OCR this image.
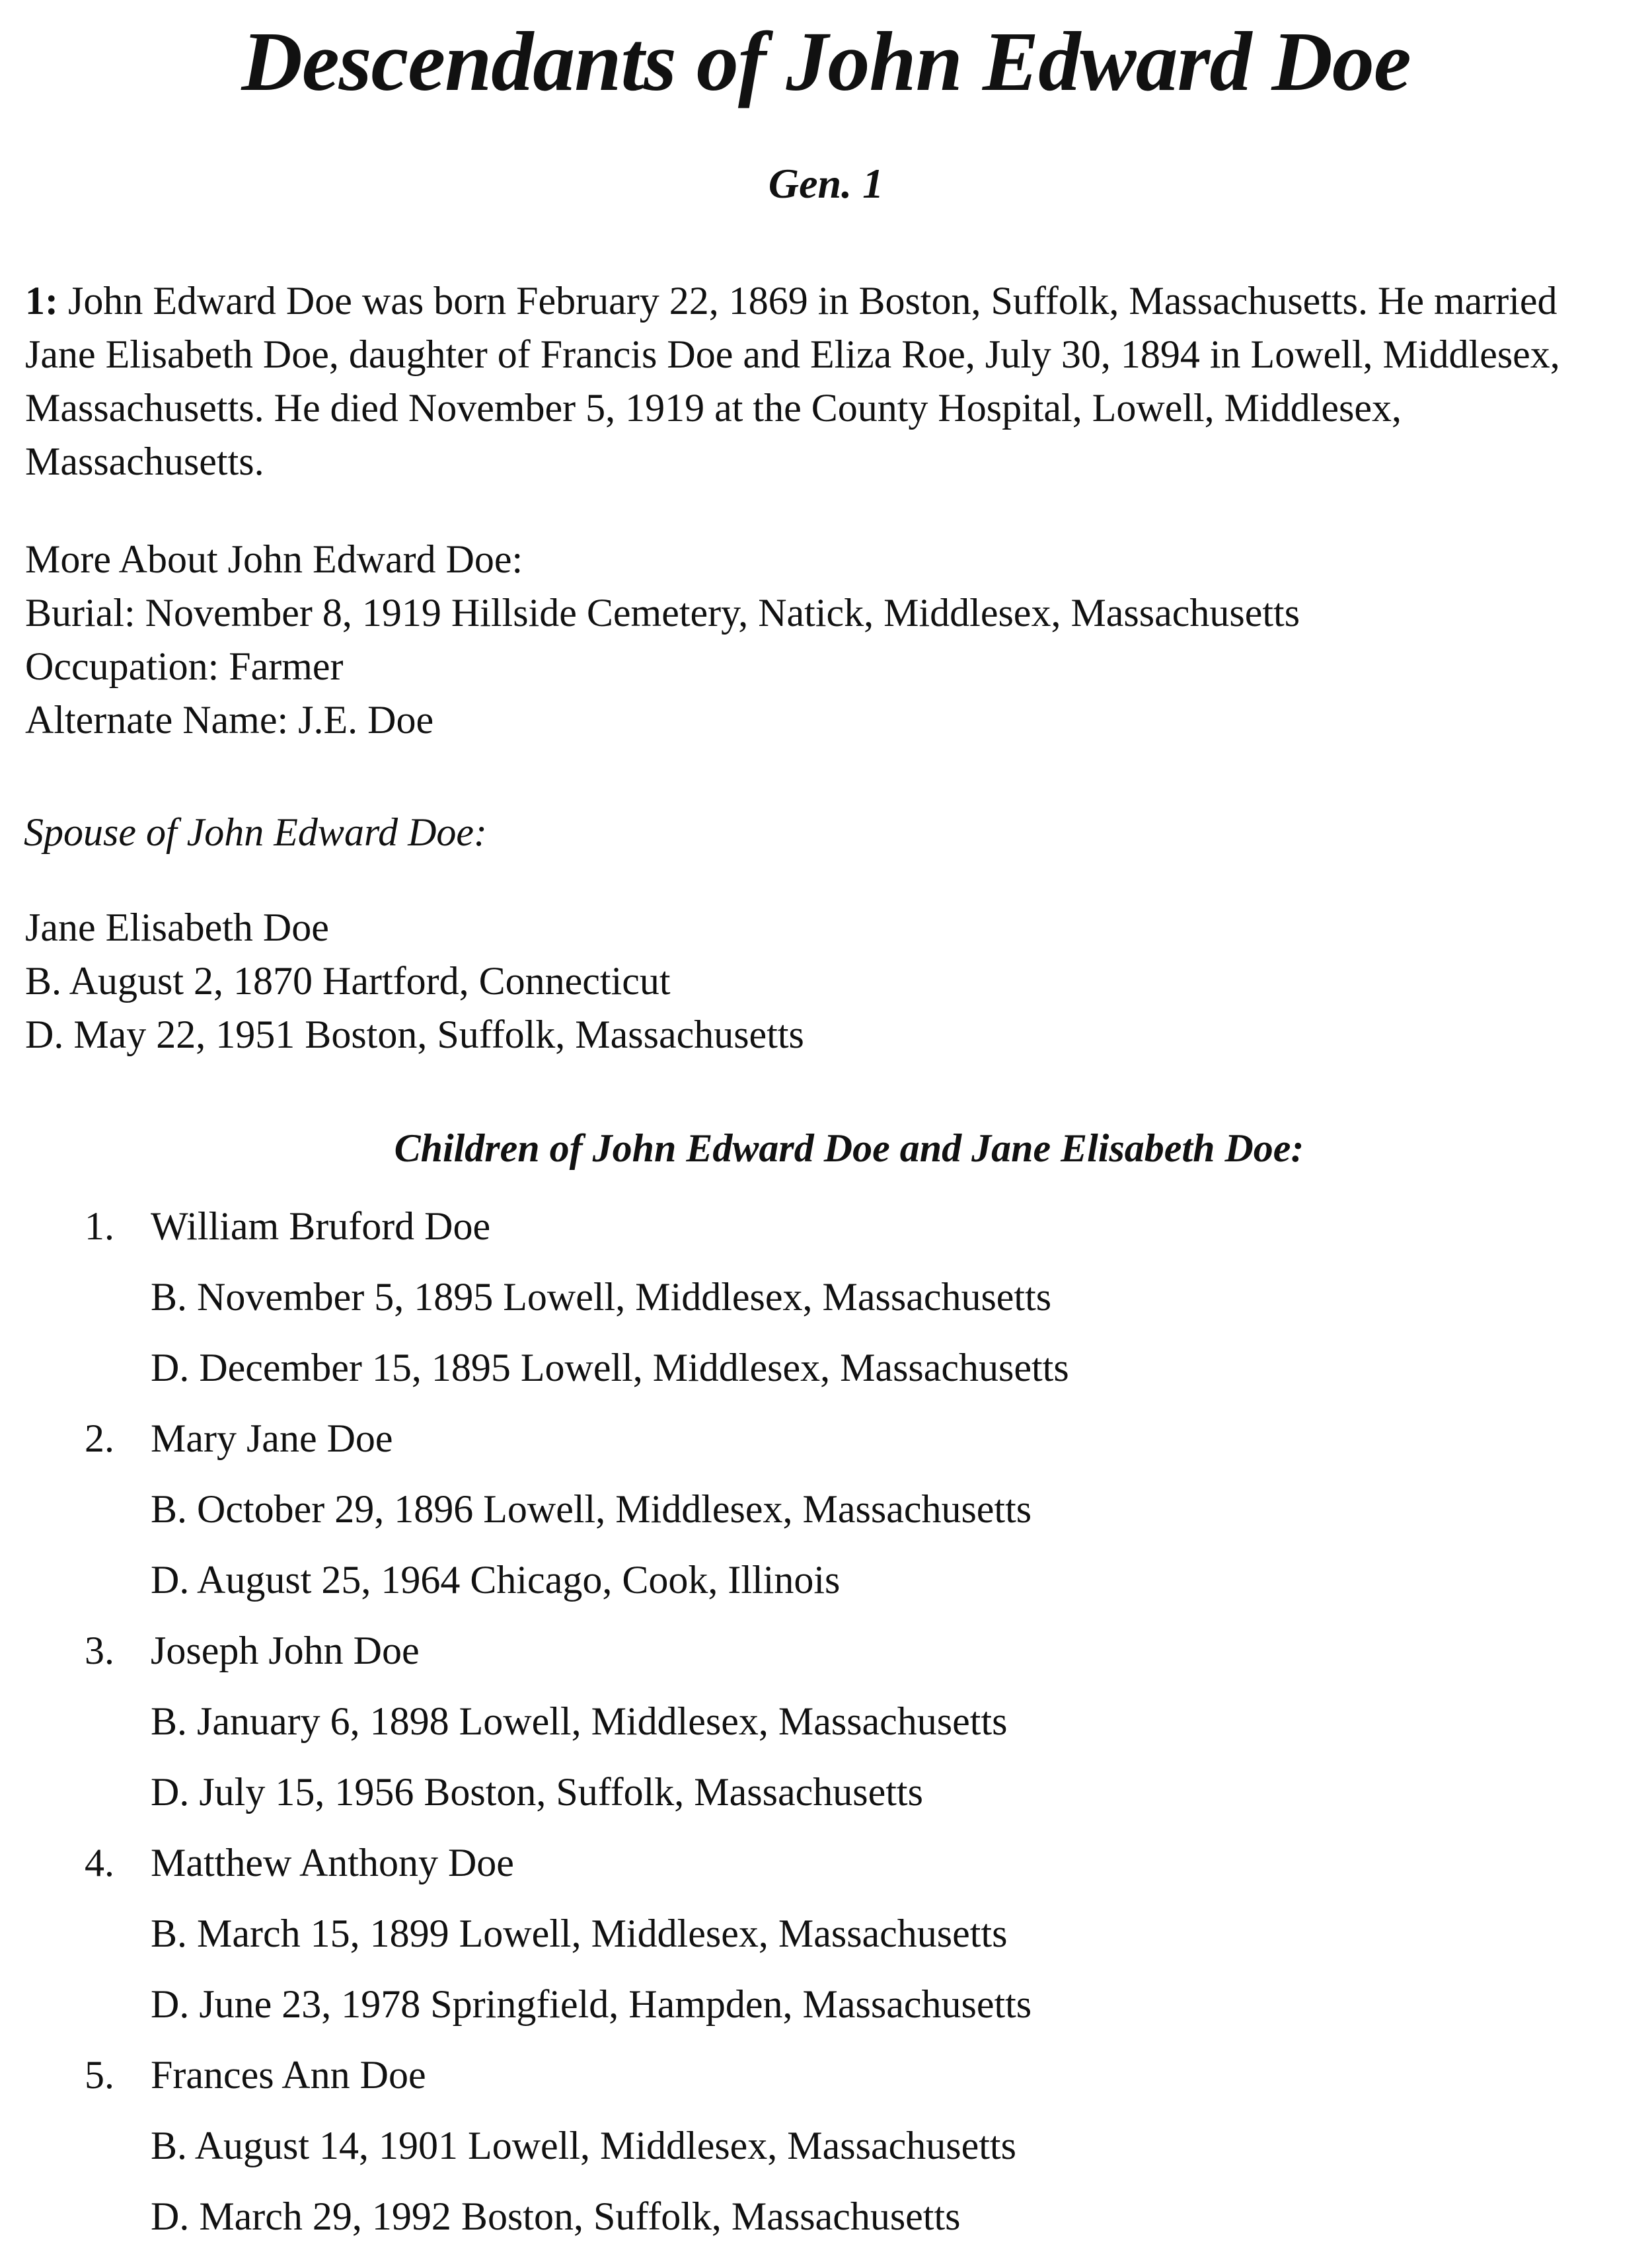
Descendants of John Edward Doe
Gen. 1

1: John Edward Doe was born February 22, 1869 in Boston, Suffolk, Massachusetts. He married Jane Elisabeth Doe, daughter of Francis Doe and Eliza Roe, July 30, 1894 in Lowell, Middlesex, Massachusetts. He died November 5, 1919 at the County Hospital, Lowell, Middlesex, Massachusetts.

More About John Edward Doe:
Burial: November 8, 1919 Hillside Cemetery, Natick, Middlesex, Massachusetts
Occupation: Farmer
Alternate Name: J.E. Doe

Spouse of John Edward Doe:

Jane Elisabeth Doe
B. August 2, 1870 Hartford, Connecticut
D. May 22, 1951 Boston, Suffolk, Massachusetts
Children of John Edward Doe and Jane Elisabeth Doe:
1. William Bruford Doe
B. November 5, 1895 Lowell, Middlesex, Massachusetts
D. December 15, 1895 Lowell, Middlesex, Massachusetts
2. Mary Jane Doe
B. October 29, 1896 Lowell, Middlesex, Massachusetts
D. August 25, 1964 Chicago, Cook, Illinois
3. Joseph John Doe
B. January 6, 1898 Lowell, Middlesex, Massachusetts
D. July 15, 1956 Boston, Suffolk, Massachusetts
4. Matthew Anthony Doe
B. March 15, 1899 Lowell, Middlesex, Massachusetts
D. June 23, 1978 Springfield, Hampden, Massachusetts
5. Frances Ann Doe
B. August 14, 1901 Lowell, Middlesex, Massachusetts
D. March 29, 1992 Boston, Suffolk, Massachusetts
